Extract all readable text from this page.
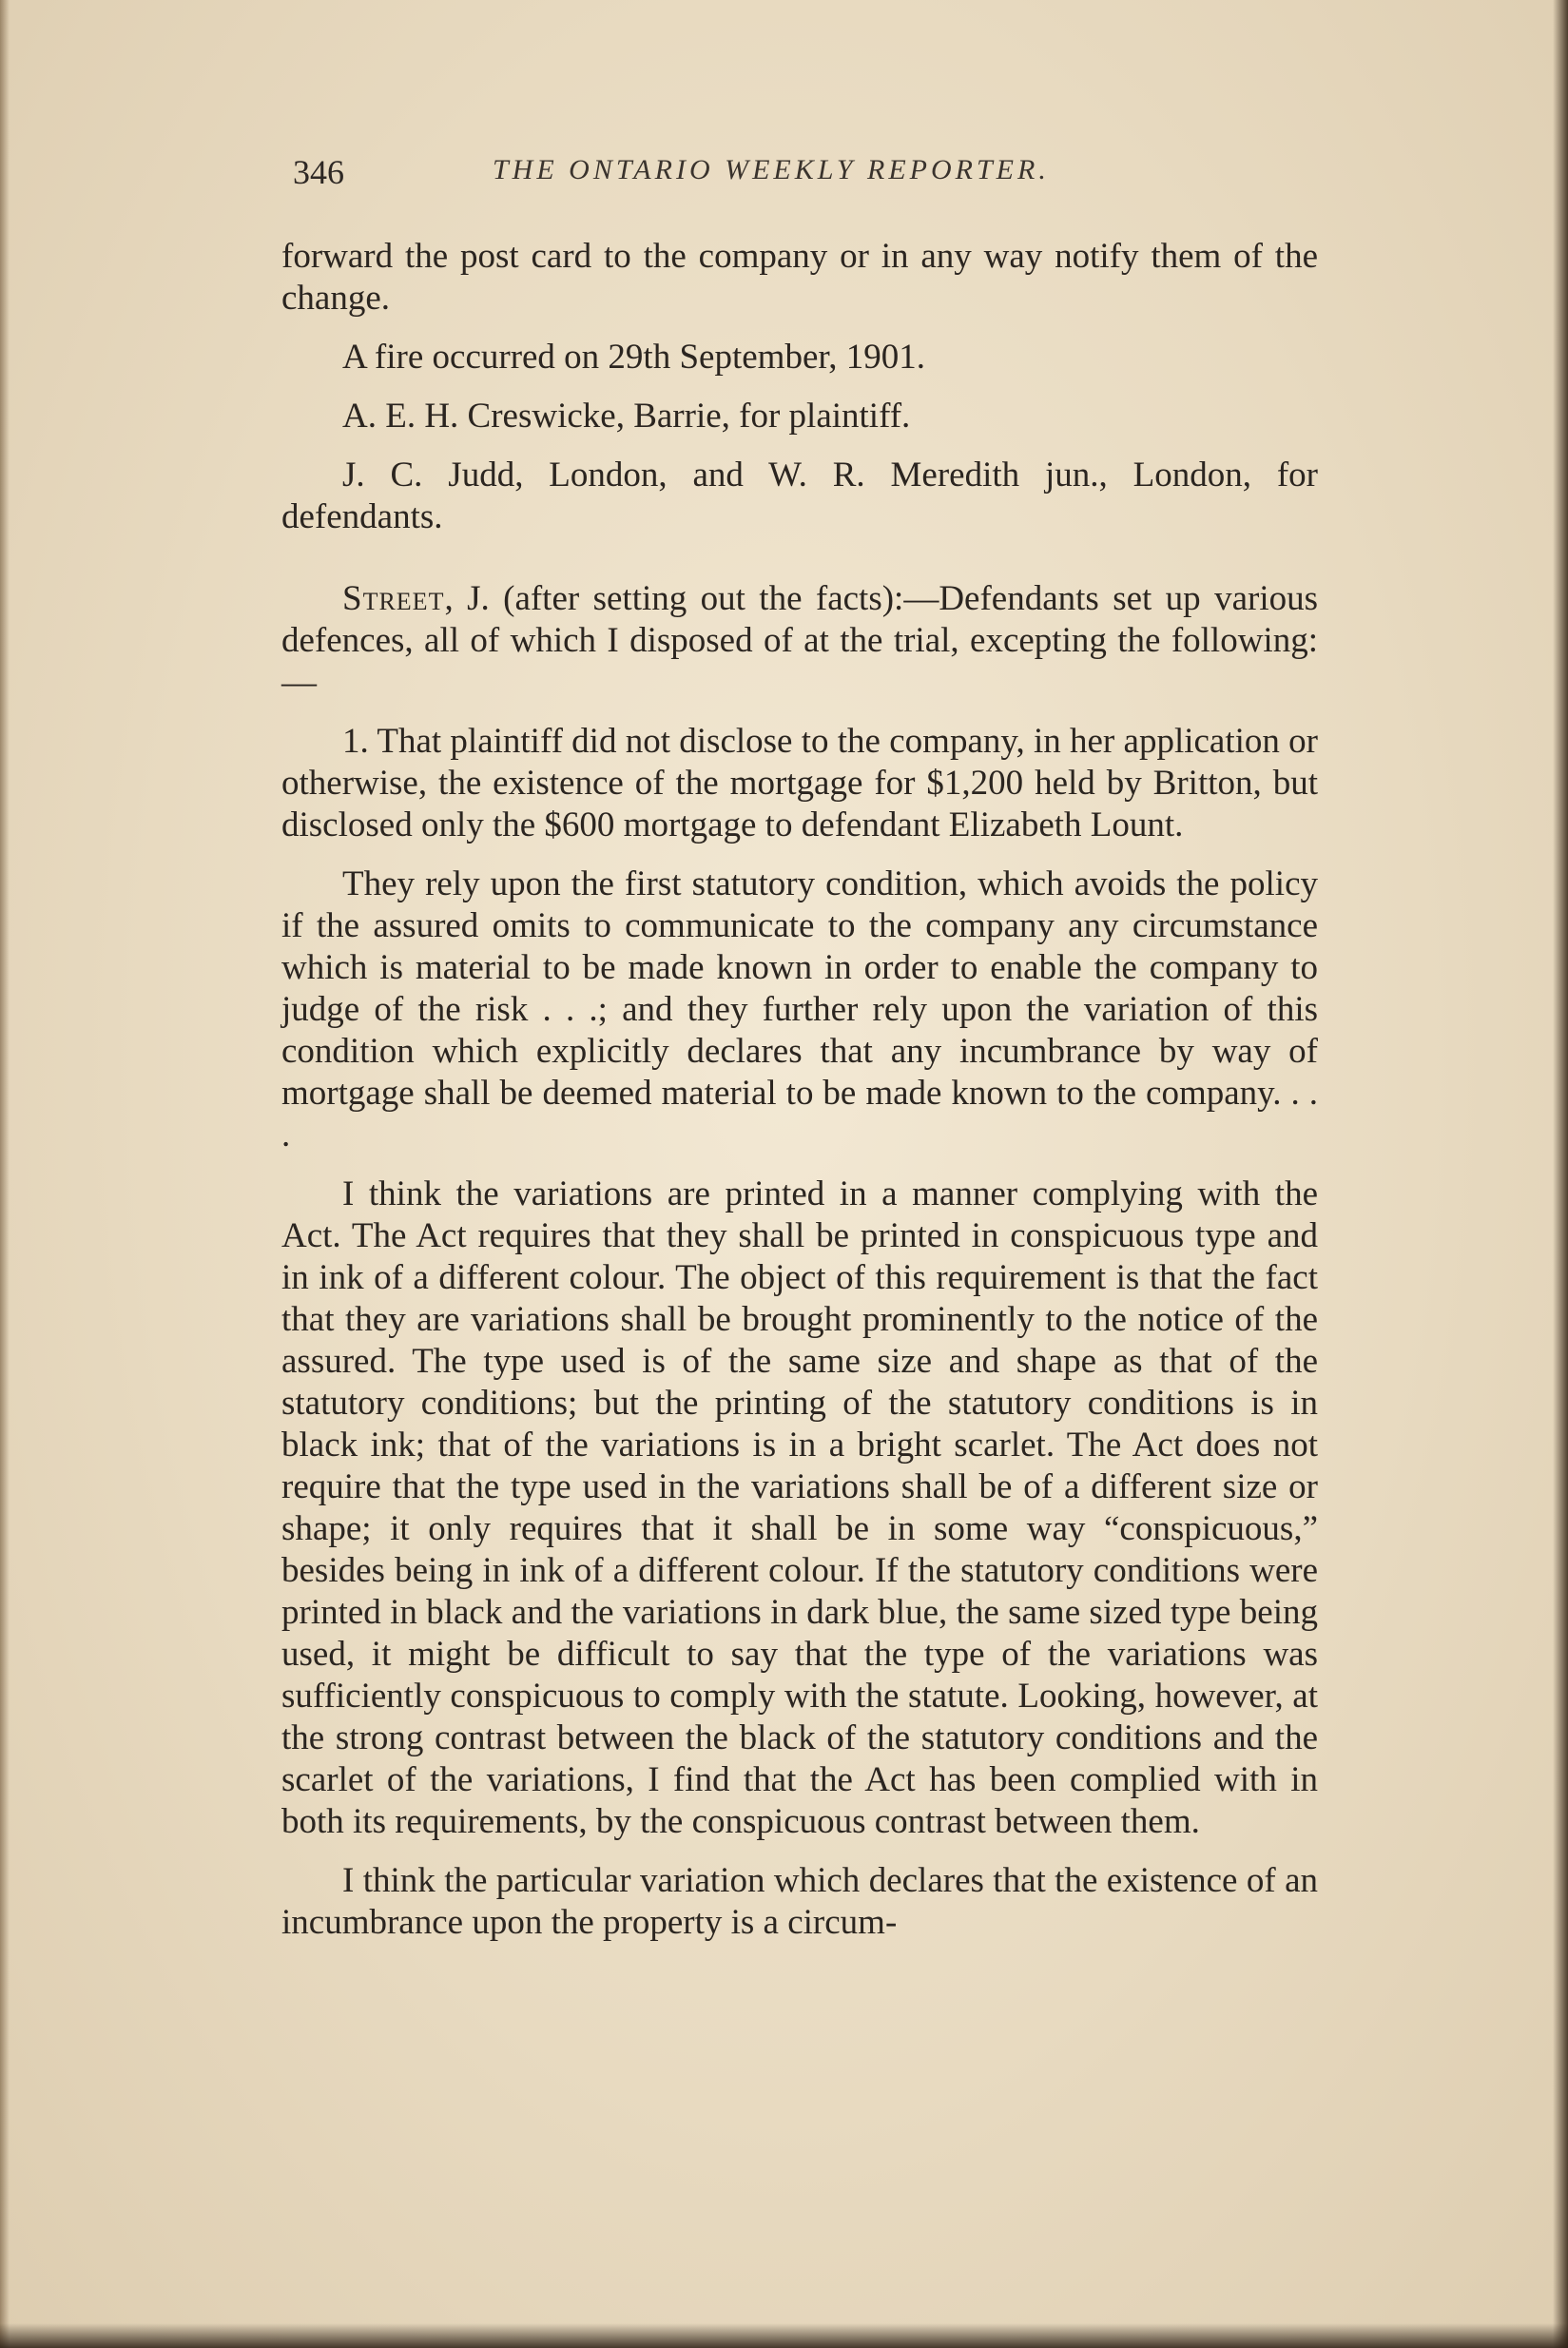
346	THE ONTARIO WEEKLY REPORTER.

forward the post card to the company or in any way notify them of the change.

A fire occurred on 29th September, 1901.

A. E. H. Creswicke, Barrie, for plaintiff.

J. C. Judd, London, and W. R. Meredith jun., London, for defendants.

Street, J. (after setting out the facts):—Defendants set up various defences, all of which I disposed of at the trial, excepting the following:—

1. That plaintiff did not disclose to the company, in her application or otherwise, the existence of the mortgage for $1,200 held by Britton, but disclosed only the $600 mortgage to defendant Elizabeth Lount.

They rely upon the first statutory condition, which avoids the policy if the assured omits to communicate to the company any circumstance which is material to be made known in order to enable the company to judge of the risk . . .; and they further rely upon the variation of this condition which explicitly declares that any incumbrance by way of mortgage shall be deemed material to be made known to the company. . . .

I think the variations are printed in a manner complying with the Act. The Act requires that they shall be printed in conspicuous type and in ink of a different colour. The object of this requirement is that the fact that they are variations shall be brought prominently to the notice of the assured. The type used is of the same size and shape as that of the statutory conditions; but the printing of the statutory conditions is in black ink; that of the variations is in a bright scarlet. The Act does not require that the type used in the variations shall be of a different size or shape; it only requires that it shall be in some way “conspicuous,” besides being in ink of a different colour. If the statutory conditions were printed in black and the variations in dark blue, the same sized type being used, it might be difficult to say that the type of the variations was sufficiently conspicuous to comply with the statute. Looking, however, at the strong contrast between the black of the statutory conditions and the scarlet of the variations, I find that the Act has been complied with in both its requirements, by the conspicuous contrast between them.

I think the particular variation which declares that the existence of an incumbrance upon the property is a circum-
